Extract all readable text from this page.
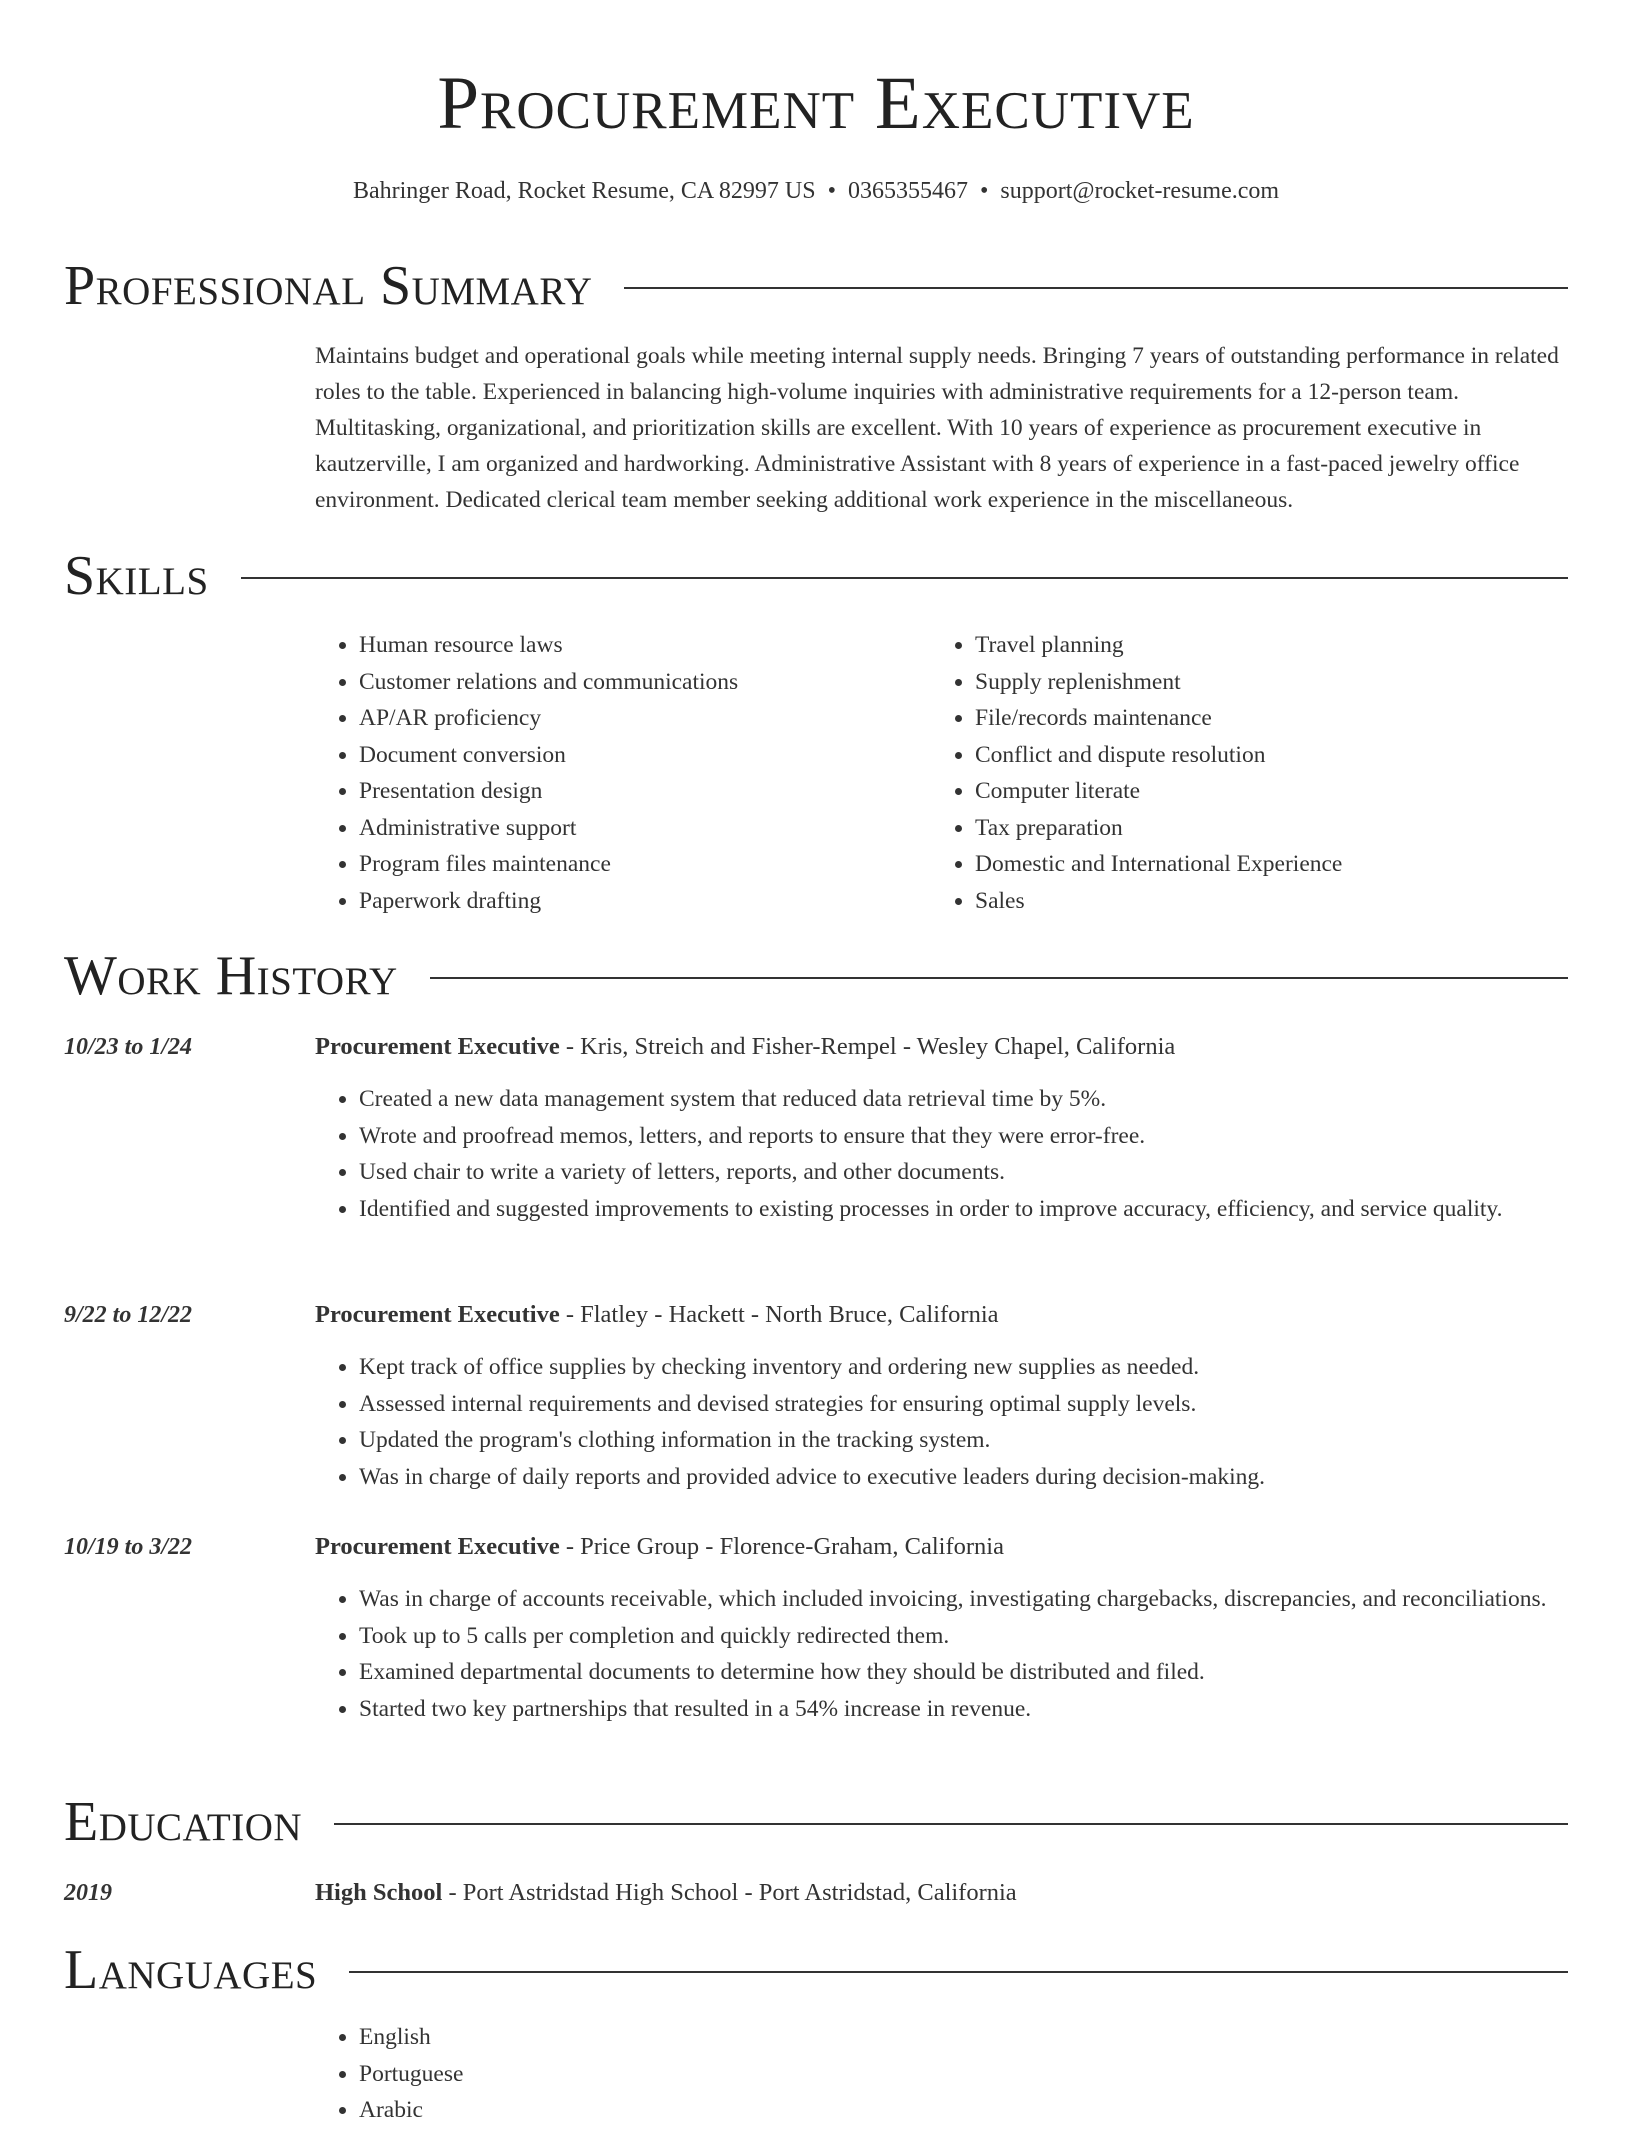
Procurement Executive
Bahringer Road, Rocket Resume, CA 82997 US • 0365355467 • support@rocket-resume.com
Professional Summary
Maintains budget and operational goals while meeting internal supply needs. Bringing 7 years of outstanding performance in related roles to the table. Experienced in balancing high-volume inquiries with administrative requirements for a 12-person team. Multitasking, organizational, and prioritization skills are excellent. With 10 years of experience as procurement executive in kautzerville, I am organized and hardworking. Administrative Assistant with 8 years of experience in a fast-paced jewelry office environment. Dedicated clerical team member seeking additional work experience in the miscellaneous.
Skills
• Human resource laws
• Customer relations and communications
• AP/AR proficiency
• Document conversion
• Presentation design
• Administrative support
• Program files maintenance
• Paperwork drafting
• Travel planning
• Supply replenishment
• File/records maintenance
• Conflict and dispute resolution
• Computer literate
• Tax preparation
• Domestic and International Experience
• Sales
Work History
10/23 to 1/24	Procurement Executive - Kris, Streich and Fisher-Rempel - Wesley Chapel, California
• Created a new data management system that reduced data retrieval time by 5%.
• Wrote and proofread memos, letters, and reports to ensure that they were error-free.
• Used chair to write a variety of letters, reports, and other documents.
• Identified and suggested improvements to existing processes in order to improve accuracy, efficiency, and service quality.
9/22 to 12/22	Procurement Executive - Flatley - Hackett - North Bruce, California
• Kept track of office supplies by checking inventory and ordering new supplies as needed.
• Assessed internal requirements and devised strategies for ensuring optimal supply levels.
• Updated the program's clothing information in the tracking system.
• Was in charge of daily reports and provided advice to executive leaders during decision-making.
10/19 to 3/22	Procurement Executive - Price Group - Florence-Graham, California
• Was in charge of accounts receivable, which included invoicing, investigating chargebacks, discrepancies, and reconciliations.
• Took up to 5 calls per completion and quickly redirected them.
• Examined departmental documents to determine how they should be distributed and filed.
• Started two key partnerships that resulted in a 54% increase in revenue.
Education
2019	High School - Port Astridstad High School - Port Astridstad, California
Languages
• English
• Portuguese
• Arabic
